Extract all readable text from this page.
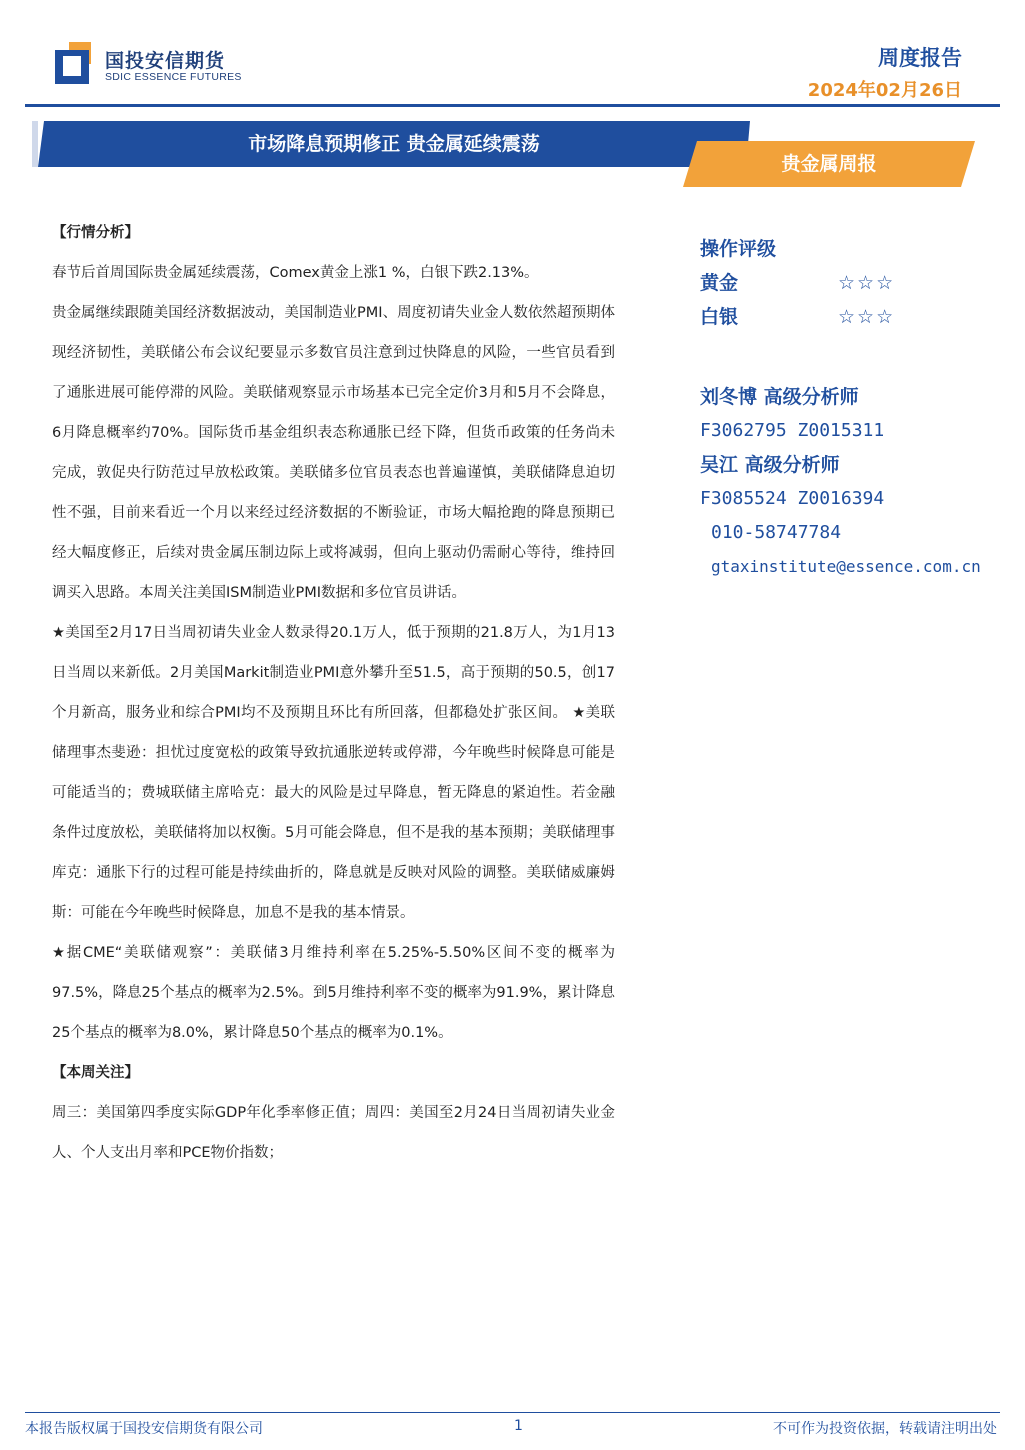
国投安信期货
SDIC ESSENCE FUTURES
周度报告
2024年02月26日
市场降息预期修正 贵金属延续震荡
贵金属周报

【行情分析】

春节后首周国际贵金属延续震荡，Comex黄金上涨1 %，白银下跌2.13%。

贵金属继续跟随美国经济数据波动，美国制造业PMI、周度初请失业金人数依然超预期体现经济韧性，美联储公布会议纪要显示多数官员注意到过快降息的风险，一些官员看到了通胀进展可能停滞的风险。美联储观察显示市场基本已完全定价3月和5月不会降息，6月降息概率约70%。国际货币基金组织表态称通胀已经下降，但货币政策的任务尚未完成，敦促央行防范过早放松政策。美联储多位官员表态也普遍谨慎，美联储降息迫切性不强，目前来看近一个月以来经过经济数据的不断验证，市场大幅抢跑的降息预期已经大幅度修正，后续对贵金属压制边际上或将减弱，但向上驱动仍需耐心等待，维持回调买入思路。本周关注美国ISM制造业PMI数据和多位官员讲话。

★美国至2月17日当周初请失业金人数录得20.1万人，低于预期的21.8万人，为1月13日当周以来新低。2月美国Markit制造业PMI意外攀升至51.5，高于预期的50.5，创17个月新高，服务业和综合PMI均不及预期且环比有所回落，但都稳处扩张区间。 ★美联储理事杰斐逊：担忧过度宽松的政策导致抗通胀逆转或停滞，今年晚些时候降息可能是可能适当的；费城联储主席哈克：最大的风险是过早降息，暂无降息的紧迫性。若金融条件过度放松，美联储将加以权衡。5月可能会降息，但不是我的基本预期；美联储理事库克：通胀下行的过程可能是持续曲折的，降息就是反映对风险的调整。美联储威廉姆斯：可能在今年晚些时候降息，加息不是我的基本情景。

★据CME“美联储观察”：美联储3月维持利率在5.25%-5.50%区间不变的概率为97.5%，降息25个基点的概率为2.5%。到5月维持利率不变的概率为91.9%，累计降息25个基点的概率为8.0%，累计降息50个基点的概率为0.1%。

【本周关注】

周三：美国第四季度实际GDP年化季率修正值；周四：美国至2月24日当周初请失业金人、个人支出月率和PCE物价指数；

操作评级
黄金	☆☆☆
白银	☆☆☆
刘冬博 高级分析师
F3062795 Z0015311
吴江 高级分析师
F3085524 Z0016394
010-58747784
gtaxinstitute@essence.com.cn
本报告版权属于国投安信期货有限公司	1	不可作为投资依据，转载请注明出处
